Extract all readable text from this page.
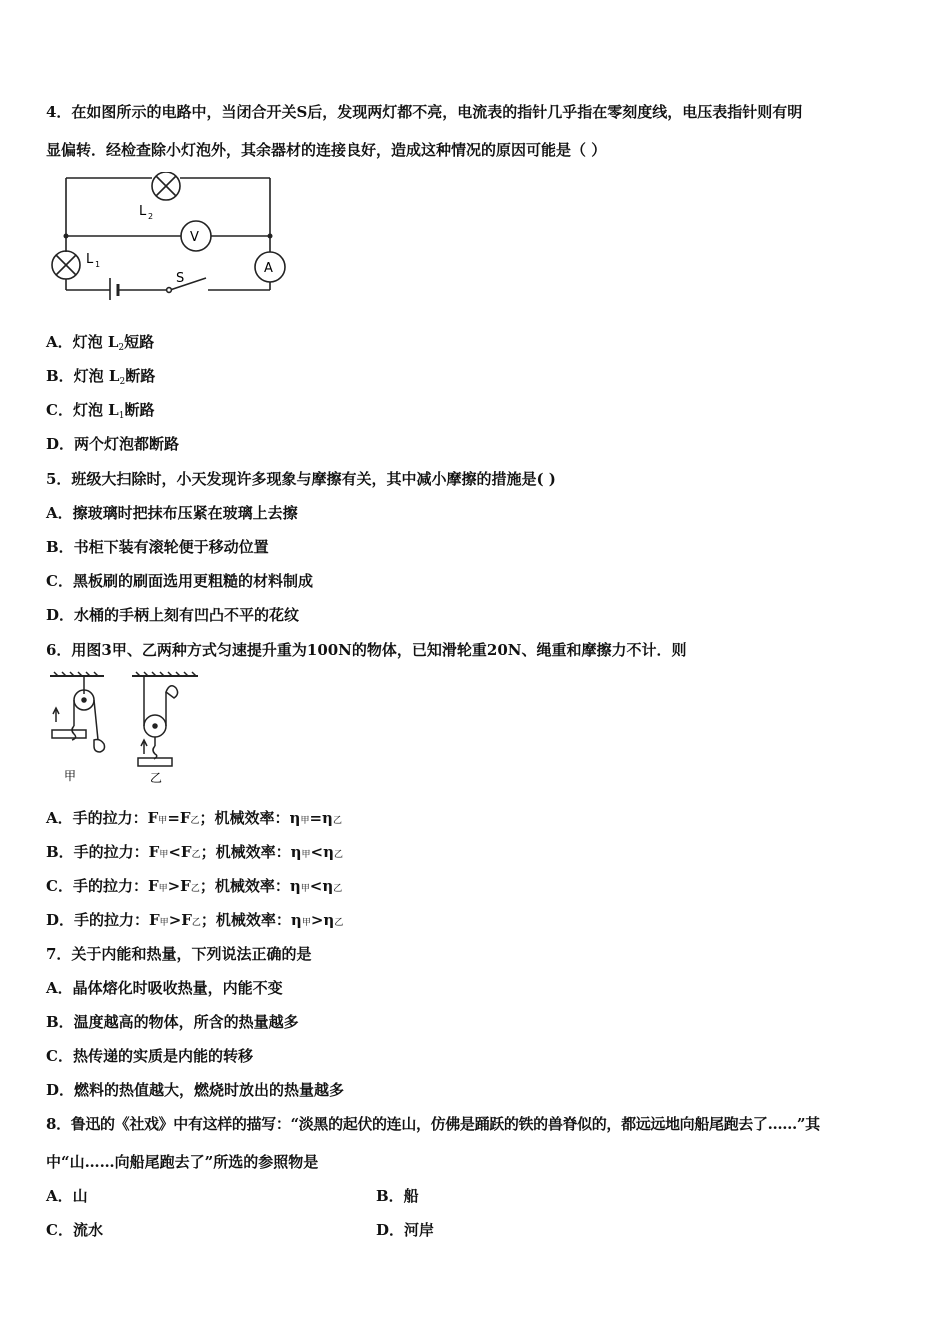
4．在如图所示的电路中，当闭合开关S后，发现两灯都不亮，电流表的指针几乎指在零刻度线，电压表指针则有明
显偏转．经检查除小灯泡外，其余器材的连接良好，造成这种情况的原因可能是（ ）
L 2
V
L 1	A
S
A．灯泡 $L_2$短路
B．灯泡 $L_2$断路
C．灯泡 $L_1$断路
D．两个灯泡都断路
5．班级大扫除时，小天发现许多现象与摩擦有关，其中减小摩擦的措施是( )
A．擦玻璃时把抹布压紧在玻璃上去擦
B．书柜下装有滚轮便于移动位置
C．黑板刷的刷面选用更粗糙的材料制成
D．水桶的手柄上刻有凹凸不平的花纹
6．用图3甲、乙两种方式匀速提升重为100N的物体，已知滑轮重20N、绳重和摩擦力不计．则
甲	乙
A．手的拉力：F甲=F乙；机械效率：η甲=η乙
B．手的拉力：F甲<F乙；机械效率：η甲<η乙
C．手的拉力：F甲>F乙；机械效率：η甲<η乙
D．手的拉力：F甲>F乙；机械效率：η甲>η乙
7．关于内能和热量，下列说法正确的是
A．晶体熔化时吸收热量，内能不变
B．温度越高的物体，所含的热量越多
C．热传递的实质是内能的转移
D．燃料的热值越大，燃烧时放出的热量越多
8．鲁迅的《社戏》中有这样的描写：“淡黑的起伏的连山，仿佛是踊跃的铁的兽脊似的，都远远地向船尾跑去了……”其
中“山……向船尾跑去了”所选的参照物是
A．山	B．船
C．流水	D．河岸
